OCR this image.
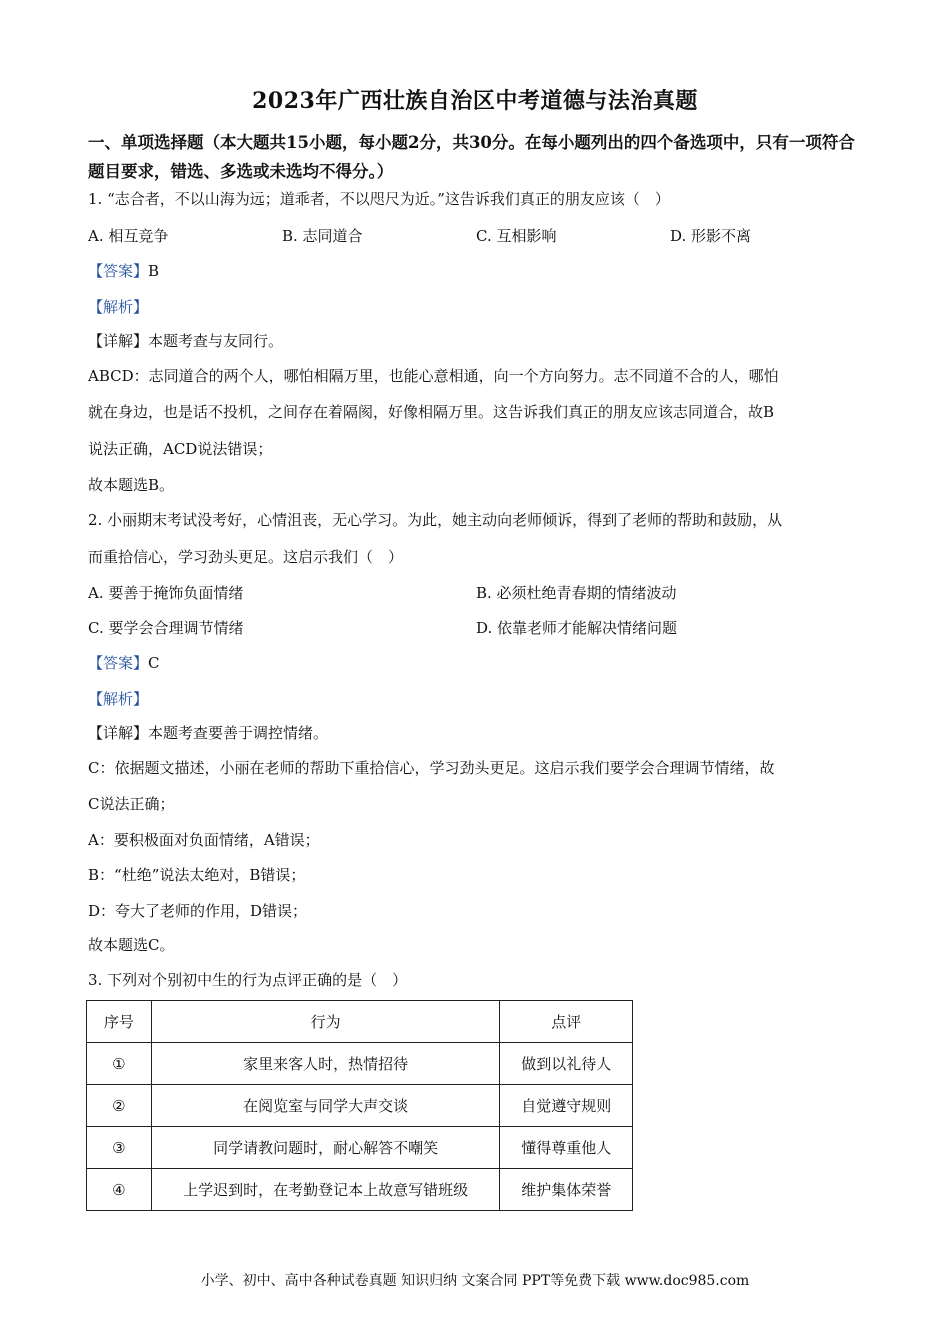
2023年广西壮族自治区中考道德与法治真题
一、单项选择题（本大题共15小题，每小题2分，共30分。在每小题列出的四个备选项中，只有一项符合题目要求，错选、多选或未选均不得分。）
1. “志合者，不以山海为远；道乖者，不以咫尺为近。”这告诉我们真正的朋友应该（　）
A. 相互竞争	B. 志同道合	C. 互相影响	D. 形影不离
【答案】B
【解析】
【详解】本题考查与友同行。
ABCD：志同道合的两个人，哪怕相隔万里，也能心意相通，向一个方向努力。志不同道不合的人，哪怕
就在身边，也是话不投机，之间存在着隔阂，好像相隔万里。这告诉我们真正的朋友应该志同道合，故B
说法正确，ACD说法错误；
故本题选B。
2. 小丽期末考试没考好，心情沮丧，无心学习。为此，她主动向老师倾诉，得到了老师的帮助和鼓励，从
而重拾信心，学习劲头更足。这启示我们（　）
A. 要善于掩饰负面情绪	B. 必须杜绝青春期的情绪波动
C. 要学会合理调节情绪	D. 依靠老师才能解决情绪问题
【答案】C
【解析】
【详解】本题考查要善于调控情绪。
C：依据题文描述，小丽在老师的帮助下重拾信心，学习劲头更足。这启示我们要学会合理调节情绪，故
C说法正确；
A：要积极面对负面情绪，A错误；
B：“杜绝”说法太绝对，B错误；
D：夸大了老师的作用，D错误；
故本题选C。
3. 下列对个别初中生的行为点评正确的是（　）
序号	行为	点评
①	家里来客人时，热情招待	做到以礼待人
②	在阅览室与同学大声交谈	自觉遵守规则
③	同学请教问题时，耐心解答不嘲笑	懂得尊重他人
④	上学迟到时，在考勤登记本上故意写错班级	维护集体荣誉
小学、初中、高中各种试卷真题 知识归纳 文案合同 PPT等免费下载 www.doc985.com
